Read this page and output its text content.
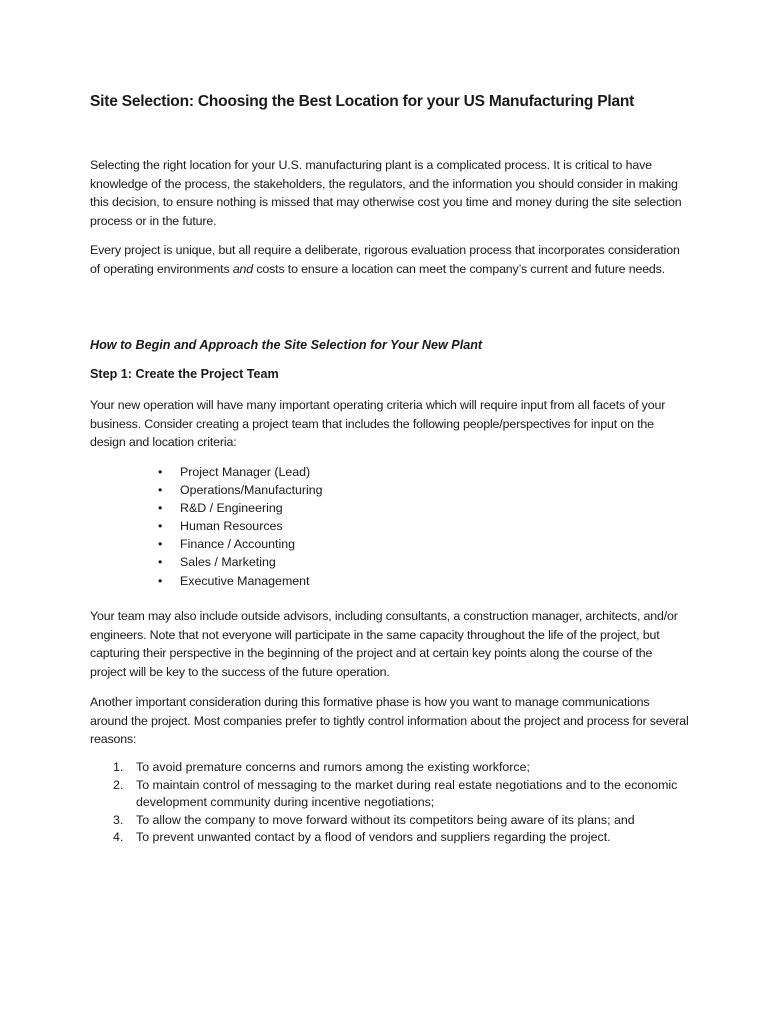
Site Selection: Choosing the Best Location for your US Manufacturing Plant

Selecting the right location for your U.S. manufacturing plant is a complicated process. It is critical to have knowledge of the process, the stakeholders, the regulators, and the information you should consider in making this decision, to ensure nothing is missed that may otherwise cost you time and money during the site selection process or in the future.

Every project is unique, but all require a deliberate, rigorous evaluation process that incorporates consideration of operating environments and costs to ensure a location can meet the company’s current and future needs.

How to Begin and Approach the Site Selection for Your New Plant
Step 1: Create the Project Team

Your new operation will have many important operating criteria which will require input from all facets of your business. Consider creating a project team that includes the following people/perspectives for input on the design and location criteria:

• Project Manager (Lead)
• Operations/Manufacturing
• R&D / Engineering
• Human Resources
• Finance / Accounting
• Sales / Marketing
• Executive Management

Your team may also include outside advisors, including consultants, a construction manager, architects, and/or engineers. Note that not everyone will participate in the same capacity throughout the life of the project, but capturing their perspective in the beginning of the project and at certain key points along the course of the project will be key to the success of the future operation.

Another important consideration during this formative phase is how you want to manage communications around the project. Most companies prefer to tightly control information about the project and process for several reasons:

1. To avoid premature concerns and rumors among the existing workforce;
2. To maintain control of messaging to the market during real estate negotiations and to the economic development community during incentive negotiations;
3. To allow the company to move forward without its competitors being aware of its plans; and
4. To prevent unwanted contact by a flood of vendors and suppliers regarding the project.
